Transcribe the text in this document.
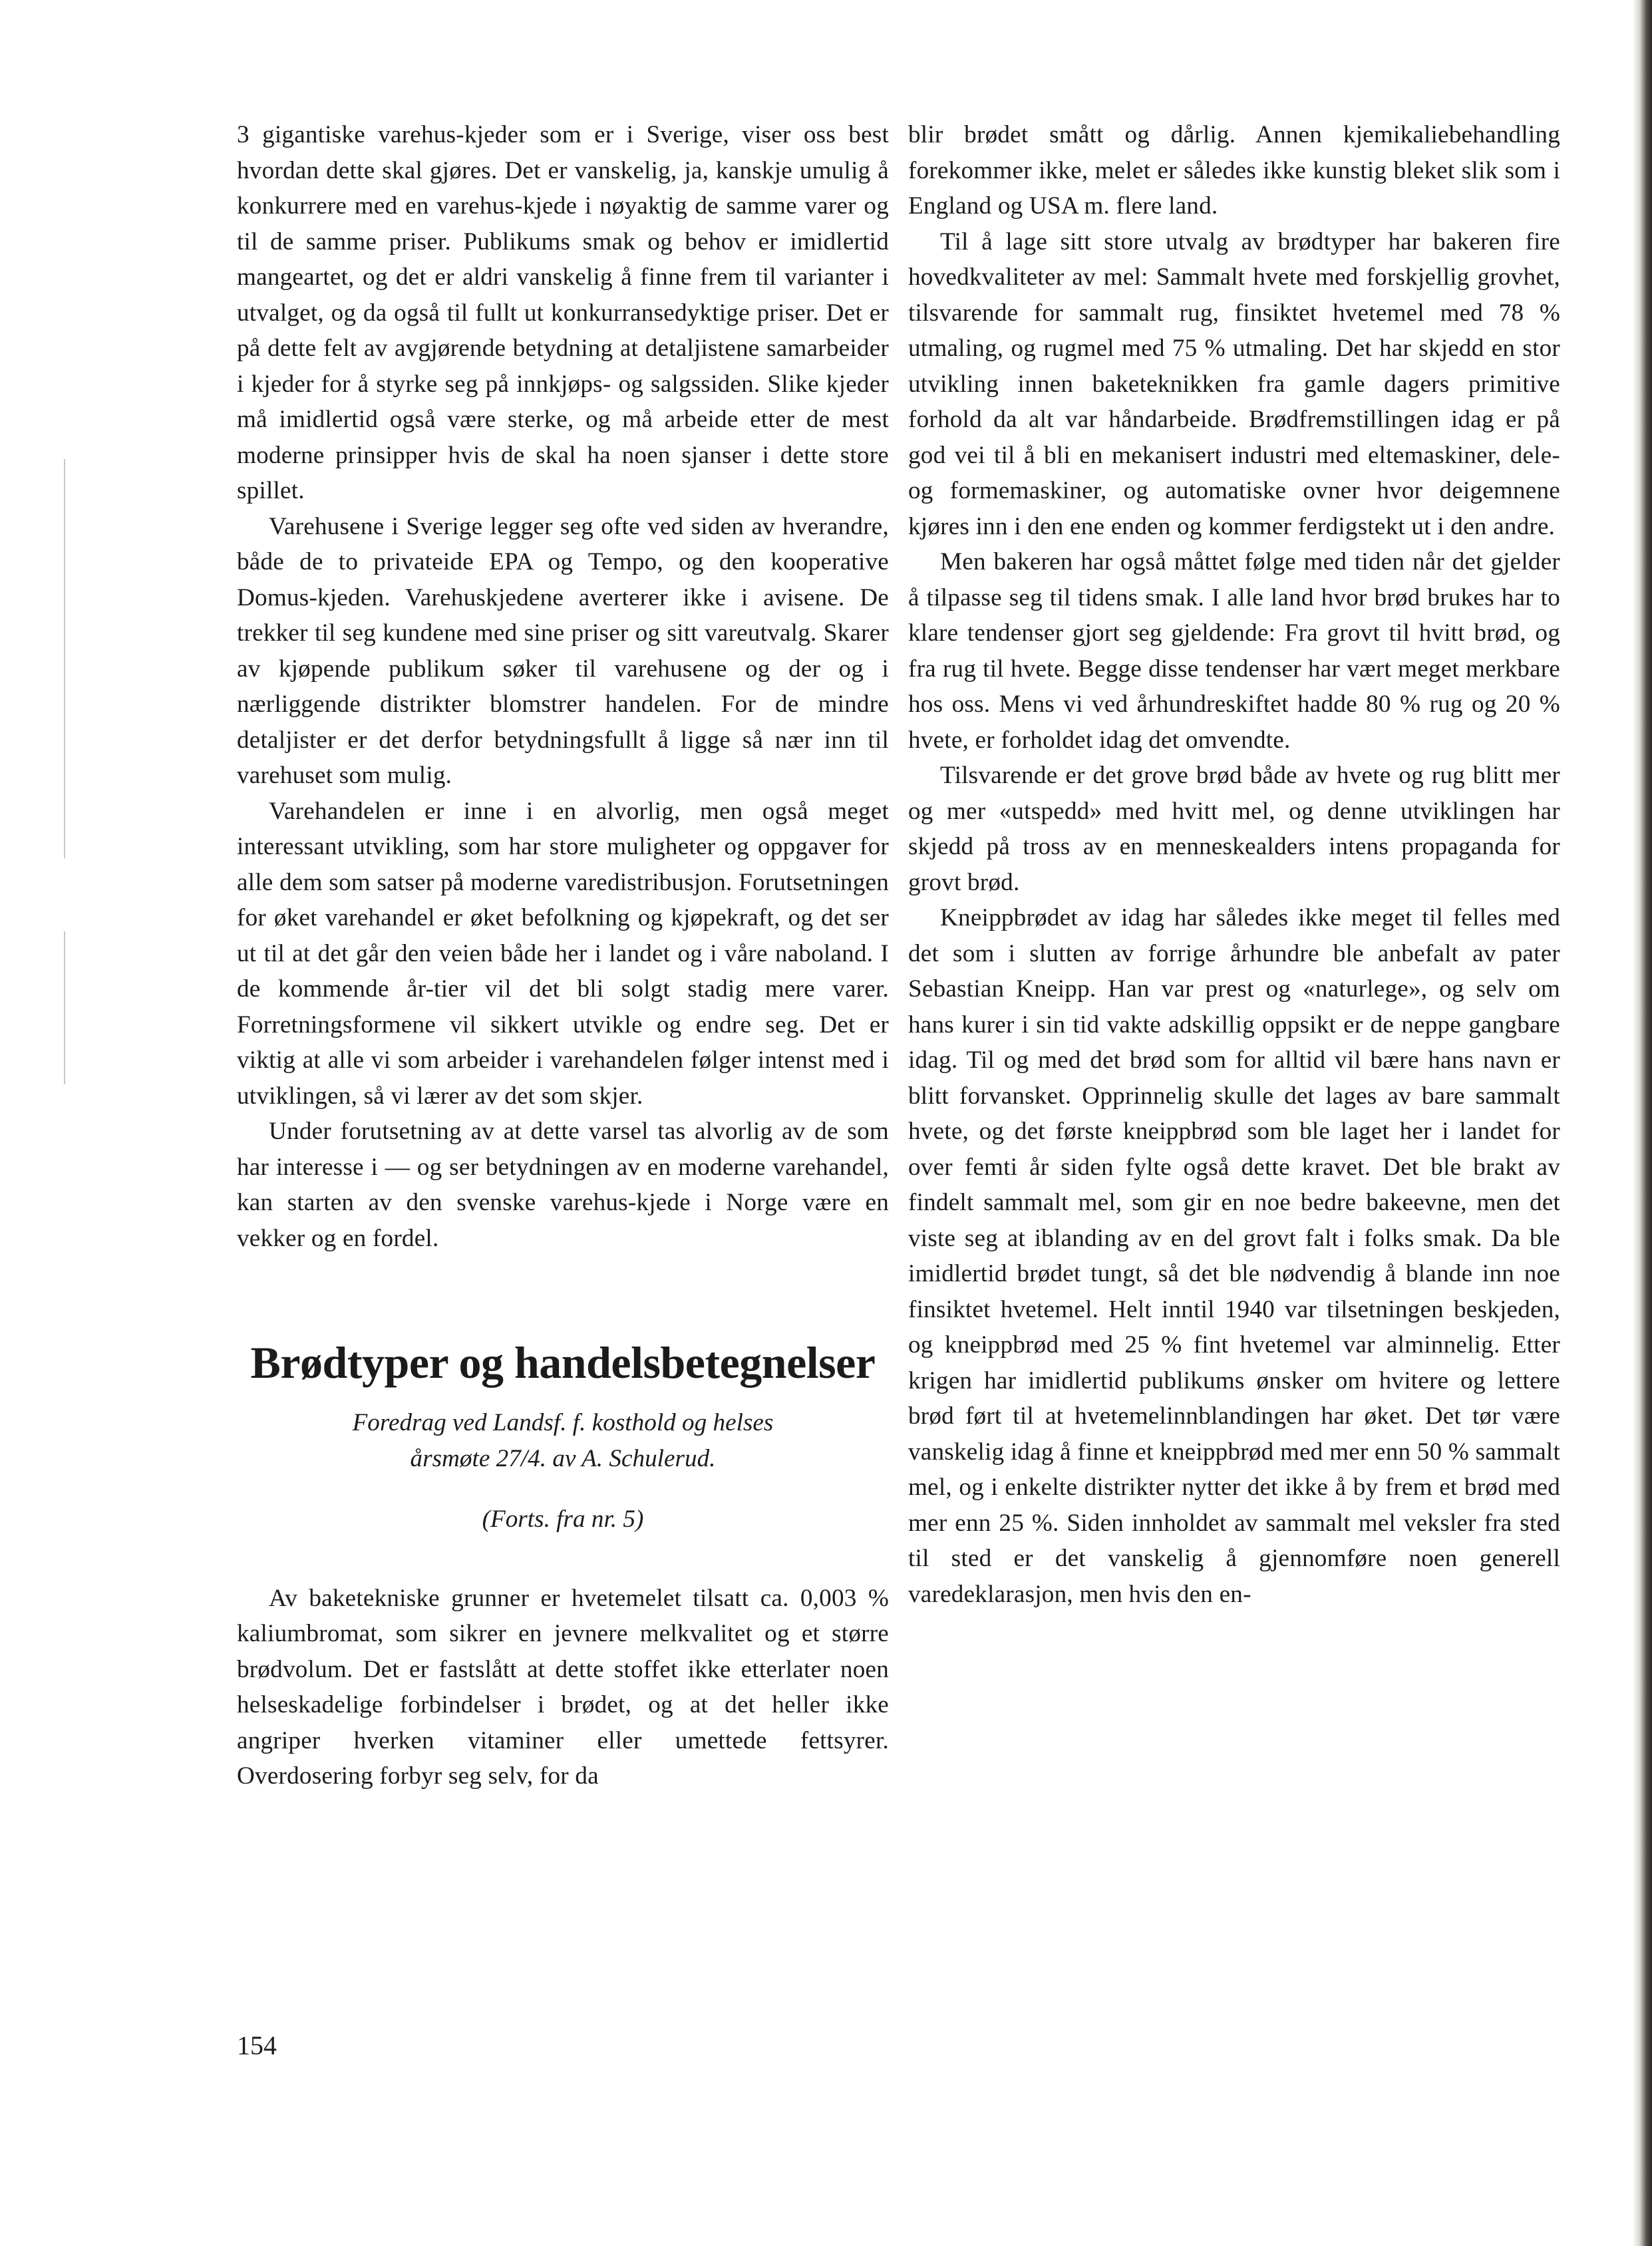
3 gigantiske varehus-kjeder som er i Sverige, viser oss best hvordan dette skal gjøres. Det er vanskelig, ja, kanskje umulig å konkurrere med en varehus-kjede i nøyaktig de samme varer og til de samme priser. Publikums smak og behov er imidlertid mangeartet, og det er aldri vanskelig å finne frem til varianter i utvalget, og da også til fullt ut konkurransedyktige priser. Det er på dette felt av avgjørende betydning at detaljistene samarbeider i kjeder for å styrke seg på innkjøps- og salgssiden. Slike kjeder må imidlertid også være sterke, og må arbeide etter de mest moderne prinsipper hvis de skal ha noen sjanser i dette store spillet.

Varehusene i Sverige legger seg ofte ved siden av hverandre, både de to privateide EPA og Tempo, og den kooperative Domus-kjeden. Varehuskjedene averterer ikke i avisene. De trekker til seg kundene med sine priser og sitt vareutvalg. Skarer av kjøpende publikum søker til varehusene og der og i nærliggende distrikter blomstrer handelen. For de mindre detaljister er det derfor betydningsfullt å ligge så nær inn til varehuset som mulig.

Varehandelen er inne i en alvorlig, men også meget interessant utvikling, som har store muligheter og oppgaver for alle dem som satser på moderne varedistribusjon. Forutsetningen for øket varehandel er øket befolkning og kjøpekraft, og det ser ut til at det går den veien både her i landet og i våre naboland. I de kommende år-tier vil det bli solgt stadig mere varer. Forretningsformene vil sikkert utvikle og endre seg. Det er viktig at alle vi som arbeider i varehandelen følger intenst med i utviklingen, så vi lærer av det som skjer.

Under forutsetning av at dette varsel tas alvorlig av de som har interesse i — og ser betydningen av en moderne varehandel, kan starten av den svenske varehus-kjede i Norge være en vekker og en fordel.

Brødtyper og handelsbetegnelser

Foredrag ved Landsf. f. kosthold og helses

årsmøte 27/4. av A. Schulerud.

(Forts. fra nr. 5)

Av baketekniske grunner er hvetemelet tilsatt ca. 0,003 % kaliumbromat, som sikrer en jevnere melkvalitet og et større brødvolum. Det er fastslått at dette stoffet ikke etterlater noen helseskadelige forbindelser i brødet, og at det heller ikke angriper hverken vitaminer eller umettede fettsyrer. Overdosering forbyr seg selv, for da

blir brødet smått og dårlig. Annen kjemikaliebehandling forekommer ikke, melet er således ikke kunstig bleket slik som i England og USA m. flere land.

Til å lage sitt store utvalg av brødtyper har bakeren fire hovedkvaliteter av mel: Sammalt hvete med forskjellig grovhet, tilsvarende for sammalt rug, finsiktet hvetemel med 78 % utmaling, og rugmel med 75 % utmaling. Det har skjedd en stor utvikling innen baketeknikken fra gamle dagers primitive forhold da alt var håndarbeide. Brødfremstillingen idag er på god vei til å bli en mekanisert industri med eltemaskiner, dele- og formemaskiner, og automatiske ovner hvor deigemnene kjøres inn i den ene enden og kommer ferdigstekt ut i den andre.

Men bakeren har også måttet følge med tiden når det gjelder å tilpasse seg til tidens smak. I alle land hvor brød brukes har to klare tendenser gjort seg gjeldende: Fra grovt til hvitt brød, og fra rug til hvete. Begge disse tendenser har vært meget merkbare hos oss. Mens vi ved århundreskiftet hadde 80 % rug og 20 % hvete, er forholdet idag det omvendte.

Tilsvarende er det grove brød både av hvete og rug blitt mer og mer «utspedd» med hvitt mel, og denne utviklingen har skjedd på tross av en menneskealders intens propaganda for grovt brød.

Kneippbrødet av idag har således ikke meget til felles med det som i slutten av forrige århundre ble anbefalt av pater Sebastian Kneipp. Han var prest og «naturlege», og selv om hans kurer i sin tid vakte adskillig oppsikt er de neppe gangbare idag. Til og med det brød som for alltid vil bære hans navn er blitt forvansket. Opprinnelig skulle det lages av bare sammalt hvete, og det første kneippbrød som ble laget her i landet for over femti år siden fylte også dette kravet. Det ble brakt av findelt sammalt mel, som gir en noe bedre bakeevne, men det viste seg at iblanding av en del grovt falt i folks smak. Da ble imidlertid brødet tungt, så det ble nødvendig å blande inn noe finsiktet hvetemel. Helt inntil 1940 var tilsetningen beskjeden, og kneippbrød med 25 % fint hvetemel var alminnelig. Etter krigen har imidlertid publikums ønsker om hvitere og lettere brød ført til at hvetemelinnblandingen har øket. Det tør være vanskelig idag å finne et kneippbrød med mer enn 50 % sammalt mel, og i enkelte distrikter nytter det ikke å by frem et brød med mer enn 25 %. Siden innholdet av sammalt mel veksler fra sted til sted er det vanskelig å gjennomføre noen generell varedeklarasjon, men hvis den en-

154
